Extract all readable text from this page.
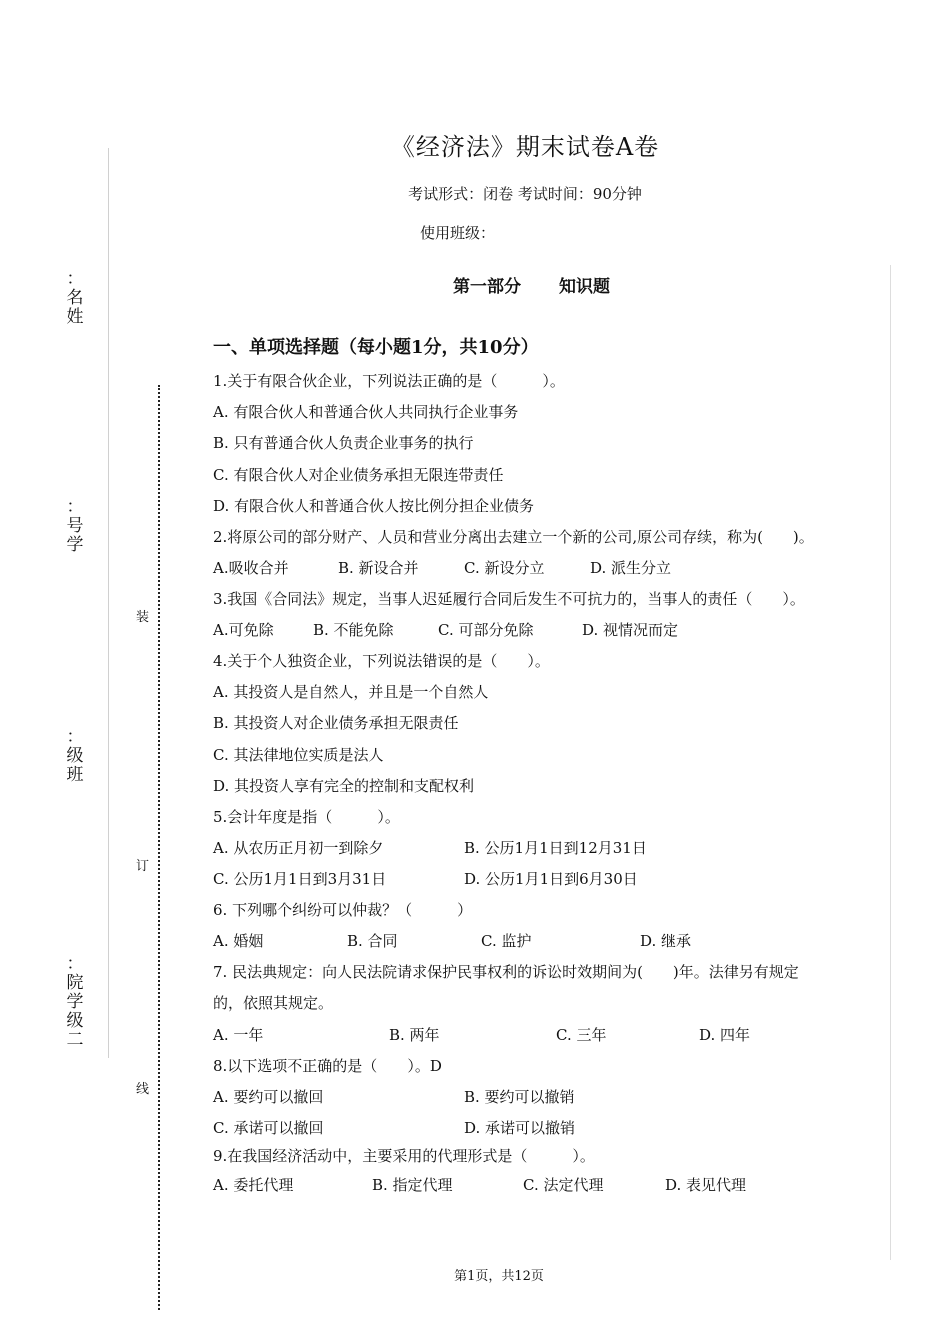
：
名
姓
：
号
学
：
级
班
：
院
学
级
二
装
订
线
《经济法》期末试卷A卷
考试形式：闭卷 考试时间：90分钟
使用班级：
第一部分 知识题
一、单项选择题（每小题1分，共10分）
1.关于有限合伙企业，下列说法正确的是（　　　）。
A. 有限合伙人和普通合伙人共同执行企业事务
B. 只有普通合伙人负责企业事务的执行
C. 有限合伙人对企业债务承担无限连带责任
D. 有限合伙人和普通合伙人按比例分担企业债务
2.将原公司的部分财产、人员和营业分离出去建立一个新的公司,原公司存续，称为(　　)。
A.吸收合并	B. 新设合并	C. 新设分立	D. 派生分立
3.我国《合同法》规定，当事人迟延履行合同后发生不可抗力的，当事人的责任（　　）。
A.可免除	B. 不能免除	C. 可部分免除	D. 视情况而定
4.关于个人独资企业，下列说法错误的是（　　）。
A. 其投资人是自然人，并且是一个自然人
B. 其投资人对企业债务承担无限责任
C. 其法律地位实质是法人
D. 其投资人享有完全的控制和支配权利
5.会计年度是指（　　　）。
A. 从农历正月初一到除夕	B. 公历1月1日到12月31日
C. 公历1月1日到3月31日	D. 公历1月1日到6月30日
6. 下列哪个纠纷可以仲裁？（　　　）
A. 婚姻	B. 合同	C. 监护	D. 继承
7. 民法典规定：向人民法院请求保护民事权利的诉讼时效期间为(　　)年。法律另有规定
的，依照其规定。
A. 一年	B. 两年	C. 三年	D. 四年
8.以下选项不正确的是（　　）。D
A. 要约可以撤回	B. 要约可以撤销
C. 承诺可以撤回	D. 承诺可以撤销
9.在我国经济活动中，主要采用的代理形式是（　　　）。
A. 委托代理	B. 指定代理	C. 法定代理	D. 表见代理
第1页，共12页
